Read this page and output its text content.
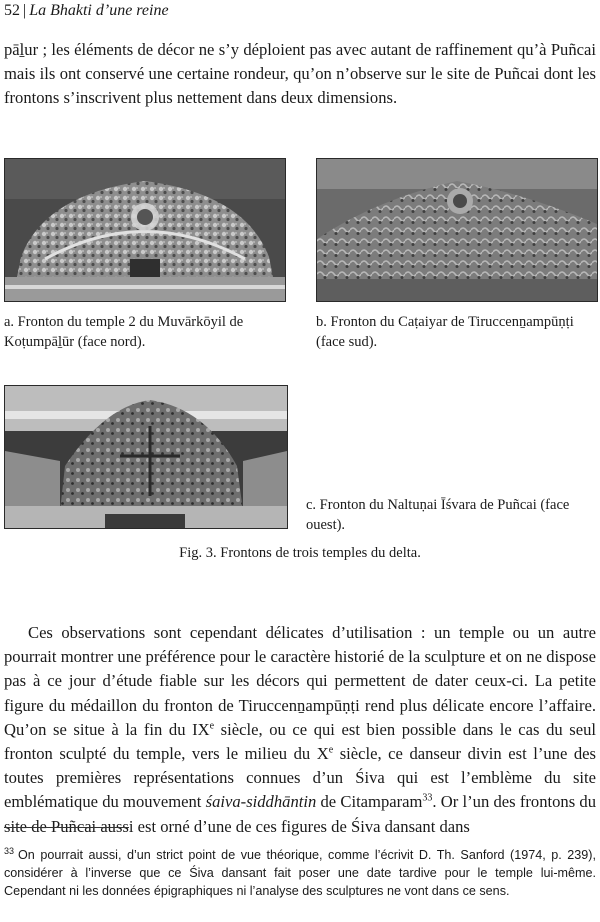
52 | La Bhakti d’une reine

pāḻur ; les éléments de décor ne s’y déploient pas avec autant de raffinement qu’à Puñcai mais ils ont conservé une certaine rondeur, qu’on n’observe sur le site de Puñcai dont les frontons s’inscrivent plus nettement dans deux dimensions.

a. Fronton du temple 2 du Muvārkōyil de Koṭumpāḻūr (face nord).
b. Fronton du Caṭaiyar de Tiruccenṉampūṇṭi (face sud).
c. Fronton du Naltuṇai Īśvara de Puñcai (face ouest).
Fig. 3. Frontons de trois temples du delta.

Ces observations sont cependant délicates d’utilisation : un temple ou un autre pourrait montrer une préférence pour le caractère historié de la sculpture et on ne dispose pas à ce jour d’étude fiable sur les décors qui permettent de dater ceux-ci. La petite figure du médaillon du fronton de Tiruccenṉampūṇṭi rend plus délicate encore l’affaire. Qu’on se situe à la fin du IXe siècle, ou ce qui est bien possible dans le cas du seul fronton sculpté du temple, vers le milieu du Xe siècle, ce danseur divin est l’une des toutes premières représentations connues d’un Śiva qui est l’emblème du site emblématique du mouvement śaiva-siddhāntin de Citamparam$^{33}$. Or l’un des frontons du site de Puñcai aussi est orné d’une de ces figures de Śiva dansant dans

$^{33}$ On pourrait aussi, d’un strict point de vue théorique, comme l’écrivit D. Th. Sanford (1974, p. 239), considérer à l’inverse que ce Śiva dansant fait poser une date tardive pour le temple lui-même. Cependant ni les données épigraphiques ni l’analyse des sculptures ne vont dans ce sens.
